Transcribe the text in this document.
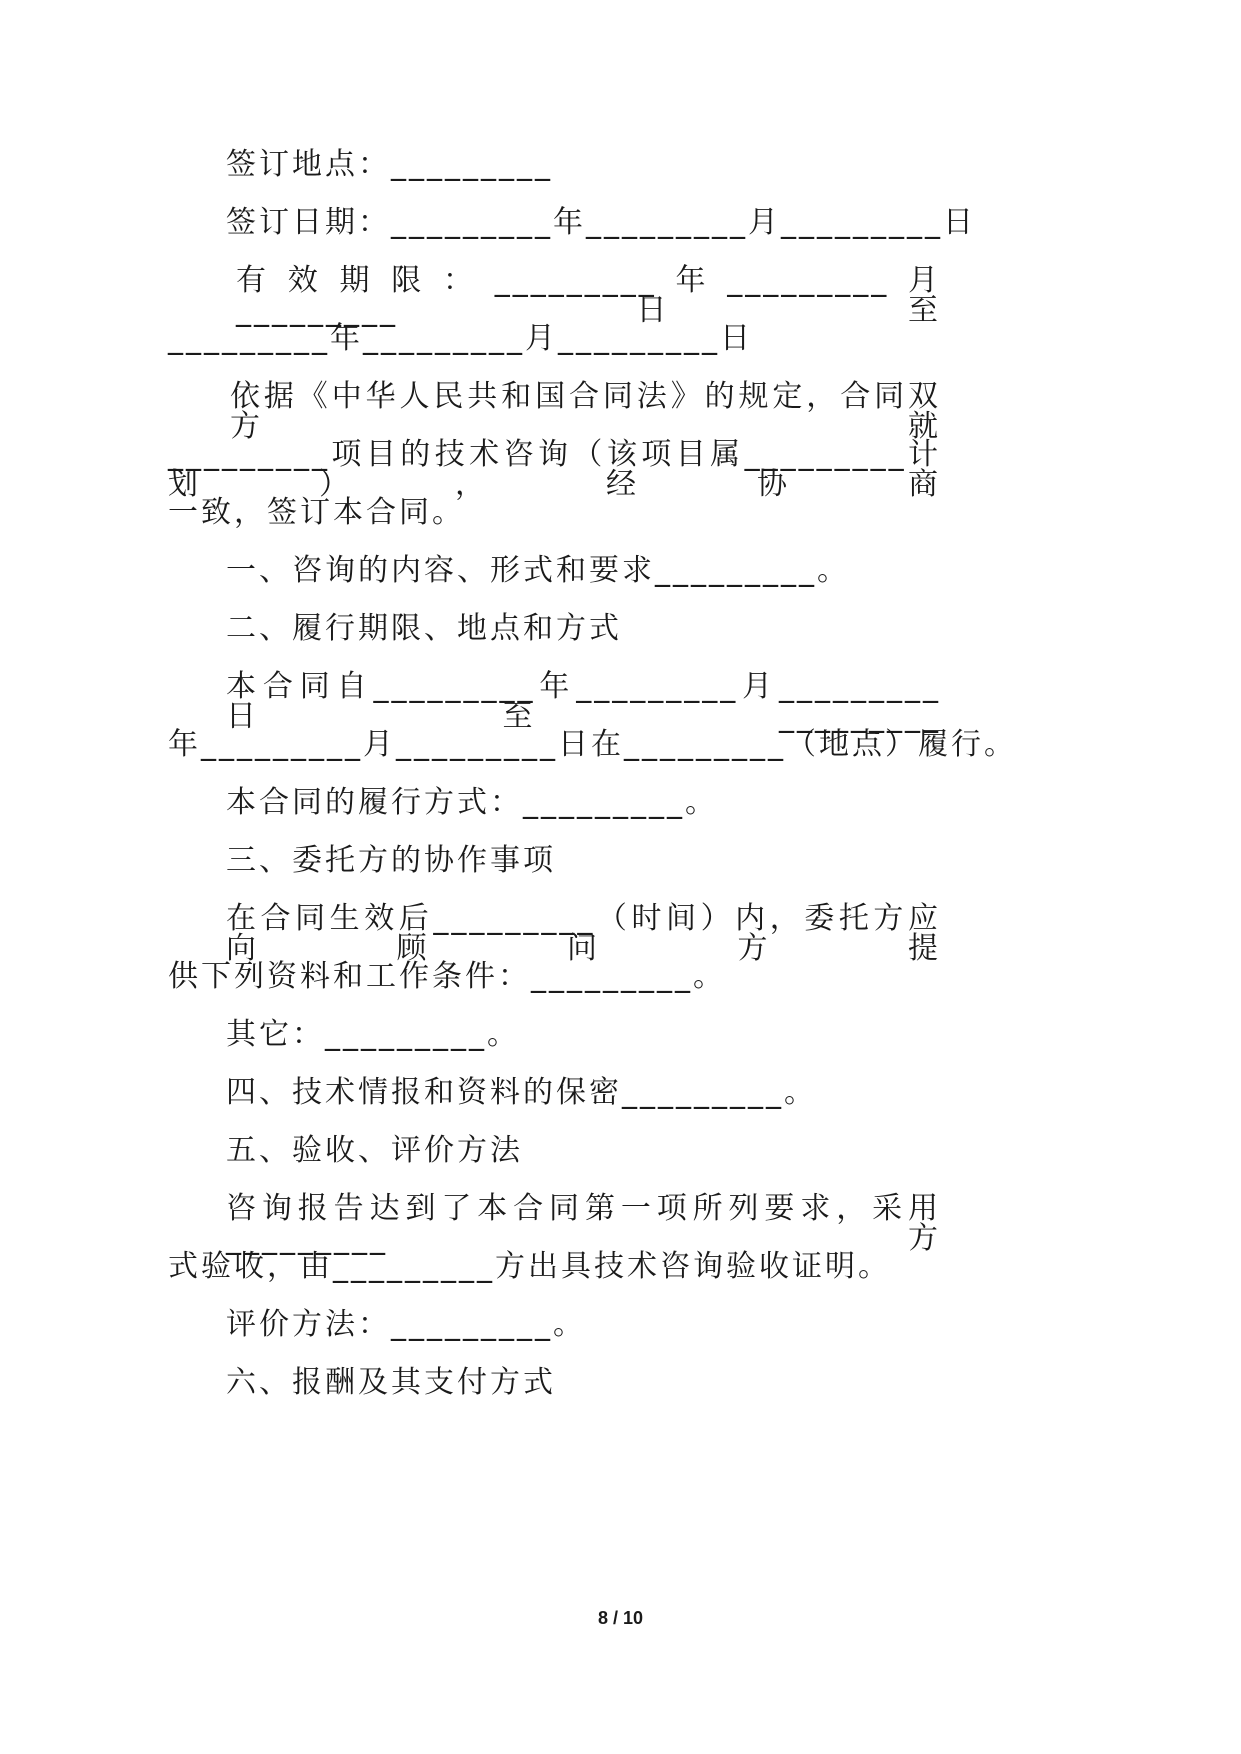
签订地点：_________

签订日期：_________年_________月_________日

有效期限：_________年_________月_________日至

_________年_________月_________日

依据《中华人民共和国合同法》的规定，合同双方就

_________项目的技术咨询（该项目属_________计划），经协商

一致，签订本合同。

一、咨询的内容、形式和要求_________。

二、履行期限、地点和方式

本合同自_________年_________月_________日至_________

年_________月_________日在_________（地点）履行。

本合同的履行方式：_________。

三、委托方的协作事项

在合同生效后_________（时间）内，委托方应向顾问方提

供下列资料和工作条件：_________。

其它：_________。

四、技术情报和资料的保密_________。

五、验收、评价方法

咨询报告达到了本合同第一项所列要求，采用_________方

式验收，由_________方出具技术咨询验收证明。

评价方法：_________。

六、报酬及其支付方式

8 / 10
